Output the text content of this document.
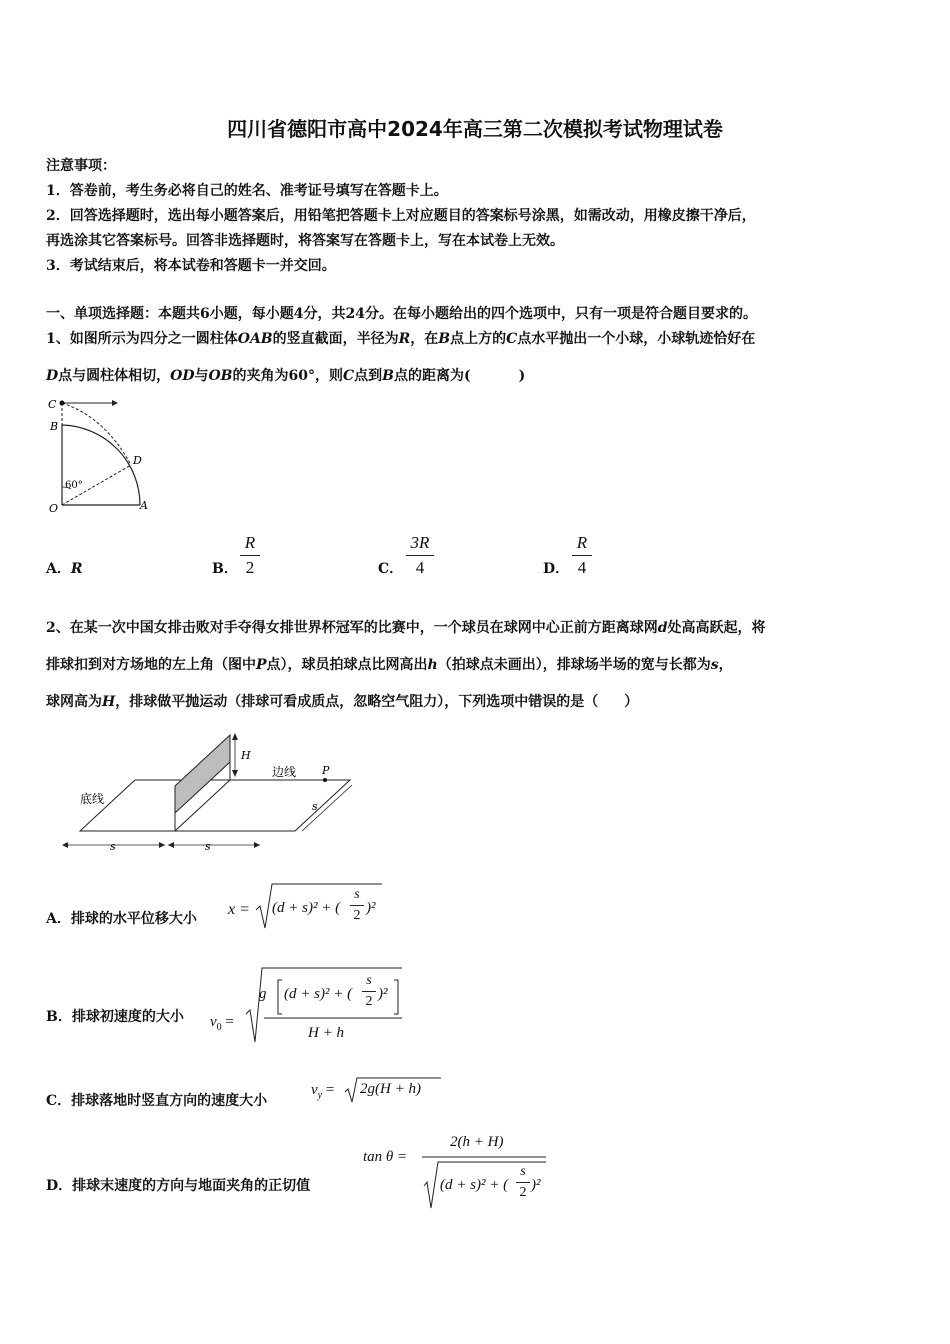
四川省德阳市高中2024年高三第二次模拟考试物理试卷
注意事项：
1．答卷前，考生务必将自己的姓名、准考证号填写在答题卡上。
2．回答选择题时，选出每小题答案后，用铅笔把答题卡上对应题目的答案标号涂黑，如需改动，用橡皮擦干净后，
再选涂其它答案标号。回答非选择题时，将答案写在答题卡上，写在本试卷上无效。
3．考试结束后，将本试卷和答题卡一并交回。
一、单项选择题：本题共6小题，每小题4分，共24分。在每小题给出的四个选项中，只有一项是符合题目要求的。
1、如图所示为四分之一圆柱体OAB的竖直截面，半径为R，在B点上方的C点水平抛出一个小球，小球轨迹恰好在
D点与圆柱体相切，OD与OB的夹角为60°，则C点到B点的距离为(	)
C
B
D
O	A
60°
A．R	B．
R
2	C．
3R
4	D．
R
4
2、在某一次中国女排击败对手夺得女排世界杯冠军的比赛中，一个球员在球网中心正前方距离球网d处高高跃起，将
排球扣到对方场地的左上角（图中P点），球员拍球点比网高出h（拍球点未画出），排球场半场的宽与长都为s，
球网高为H，排球做平抛运动（排球可看成质点，忽略空气阻力），下列选项中错误的是（ ）
H
边线 P
底线
s
s	s
A．排球的水平位移大小
x = (d + s)² + (
s
2 )²
B．排球初速度的大小 $v_0$ =
g (d + s)² + (
s
2 )²
H + h
C．排球落地时竖直方向的速度大小
$v_y = 2g(H + h)$
D．排球末速度的方向与地面夹角的正切值
tan θ =
2(h + H)
(d + s)² + (
s
2 )²
